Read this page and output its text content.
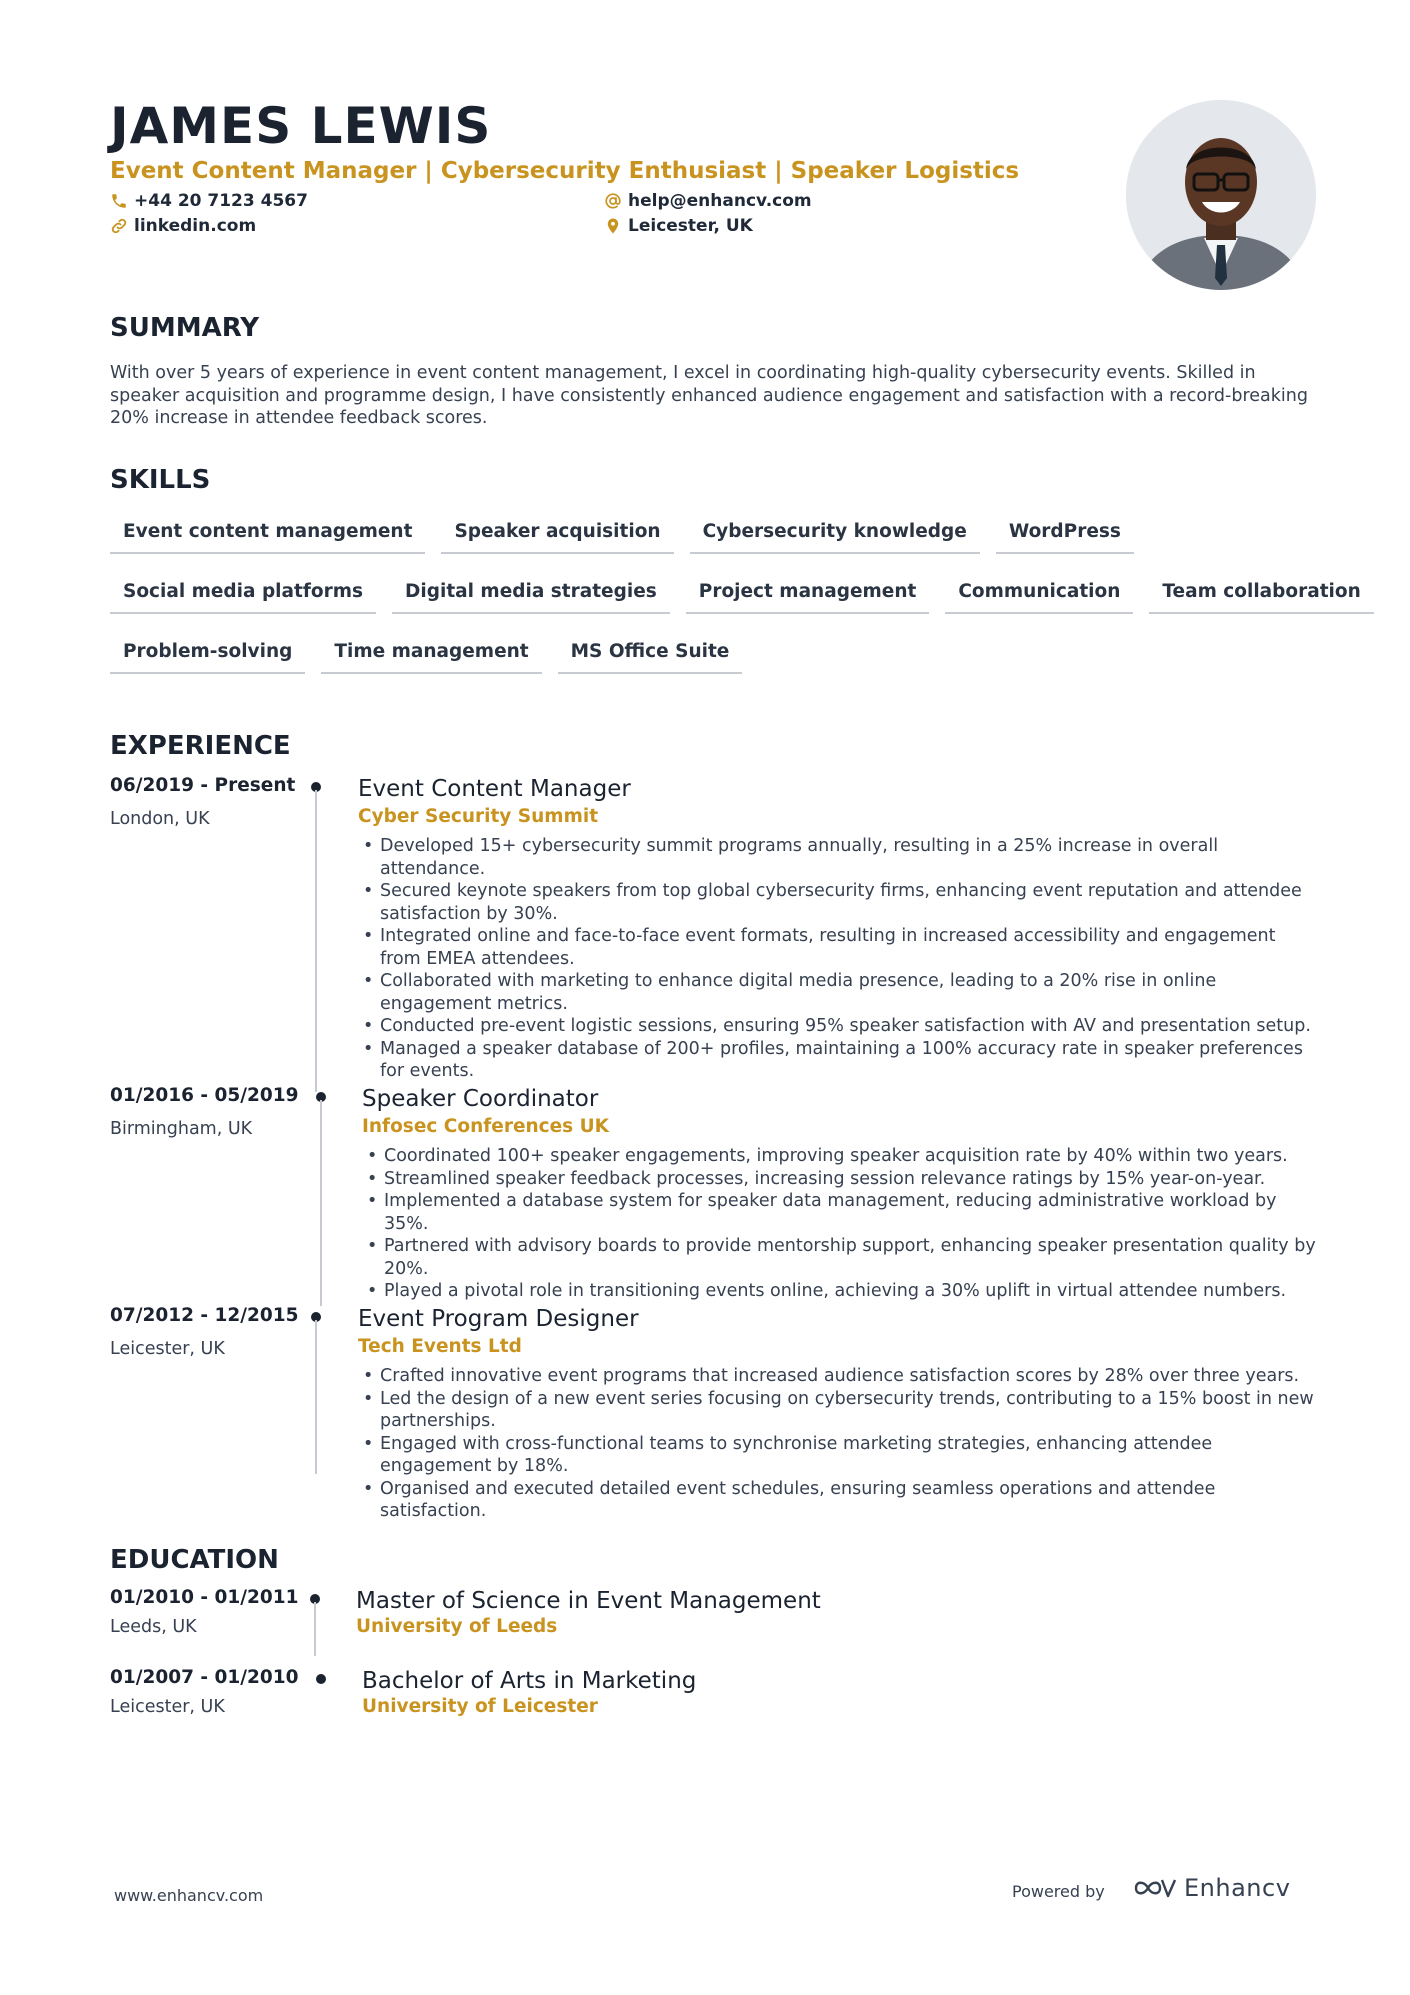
JAMES LEWIS
Event Content Manager | Cybersecurity Enthusiast | Speaker Logistics
+44 20 7123 4567
linkedin.com
help@enhancv.com
Leicester, UK
SUMMARY
With over 5 years of experience in event content management, I excel in coordinating high-quality cybersecurity events. Skilled in speaker acquisition and programme design, I have consistently enhanced audience engagement and satisfaction with a record-breaking 20% increase in attendee feedback scores.
SKILLS
Event content management	Speaker acquisition	Cybersecurity knowledge	WordPress
Social media platforms	Digital media strategies	Project management	Communication	Team collaboration
Problem-solving	Time management	MS Office Suite
EXPERIENCE
06/2019 - Present
London, UK
Event Content Manager
Cyber Security Summit
• Developed 15+ cybersecurity summit programs annually, resulting in a 25% increase in overall attendance.
• Secured keynote speakers from top global cybersecurity firms, enhancing event reputation and attendee satisfaction by 30%.
• Integrated online and face-to-face event formats, resulting in increased accessibility and engagement from EMEA attendees.
• Collaborated with marketing to enhance digital media presence, leading to a 20% rise in online engagement metrics.
• Conducted pre-event logistic sessions, ensuring 95% speaker satisfaction with AV and presentation setup.
• Managed a speaker database of 200+ profiles, maintaining a 100% accuracy rate in speaker preferences for events.
01/2016 - 05/2019
Birmingham, UK
Speaker Coordinator
Infosec Conferences UK
• Coordinated 100+ speaker engagements, improving speaker acquisition rate by 40% within two years.
• Streamlined speaker feedback processes, increasing session relevance ratings by 15% year-on-year.
• Implemented a database system for speaker data management, reducing administrative workload by 35%.
• Partnered with advisory boards to provide mentorship support, enhancing speaker presentation quality by 20%.
• Played a pivotal role in transitioning events online, achieving a 30% uplift in virtual attendee numbers.
07/2012 - 12/2015
Leicester, UK
Event Program Designer
Tech Events Ltd
• Crafted innovative event programs that increased audience satisfaction scores by 28% over three years.
• Led the design of a new event series focusing on cybersecurity trends, contributing to a 15% boost in new partnerships.
• Engaged with cross-functional teams to synchronise marketing strategies, enhancing attendee engagement by 18%.
• Organised and executed detailed event schedules, ensuring seamless operations and attendee satisfaction.
EDUCATION
01/2010 - 01/2011
Leeds, UK
Master of Science in Event Management
University of Leeds
01/2007 - 01/2010
Leicester, UK
Bachelor of Arts in Marketing
University of Leicester
www.enhancv.com	Powered by	Enhancv
